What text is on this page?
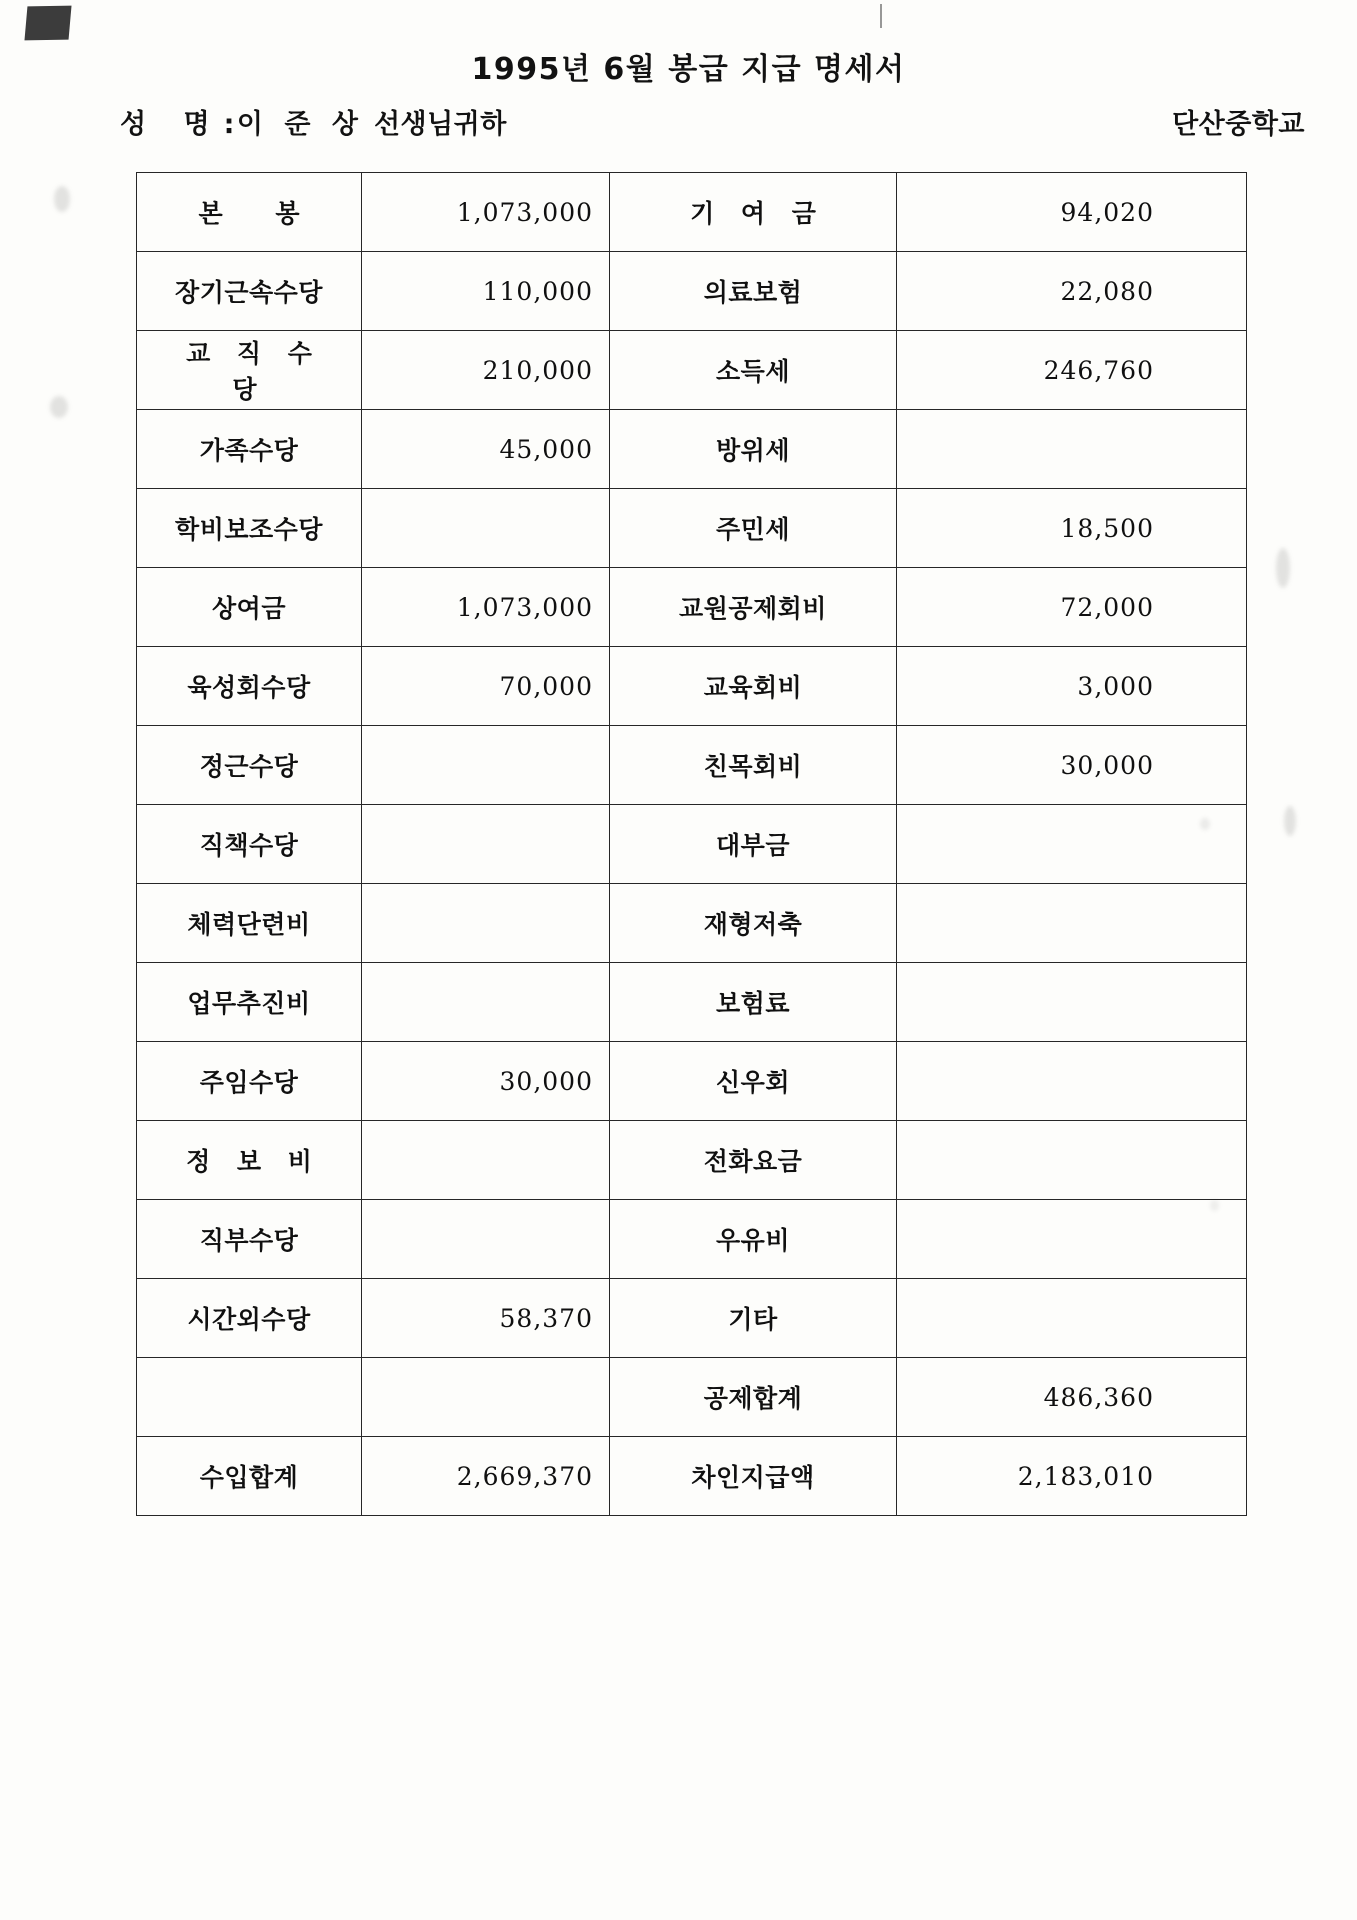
1995년 6월 봉급 지급 명세서
성 명 : 이 준 상 선생님귀하	단산중학교
본 봉	1,073,000	기 여 금	94,020
장기근속수당	110,000	의료보험	22,080
교 직 수 당	210,000	소득세	246,760
가족수당	45,000	방위세	
학비보조수당		주민세	18,500
상여금	1,073,000	교원공제회비	72,000
육성회수당	70,000	교육회비	3,000
정근수당		친목회비	30,000
직책수당		대부금	
체력단련비		재형저축	
업무추진비		보험료	
주임수당	30,000	신우회	
정 보 비		전화요금	
직부수당		우유비	
시간외수당	58,370	기타	
		공제합계	486,360
수입합계	2,669,370	차인지급액	2,183,010
